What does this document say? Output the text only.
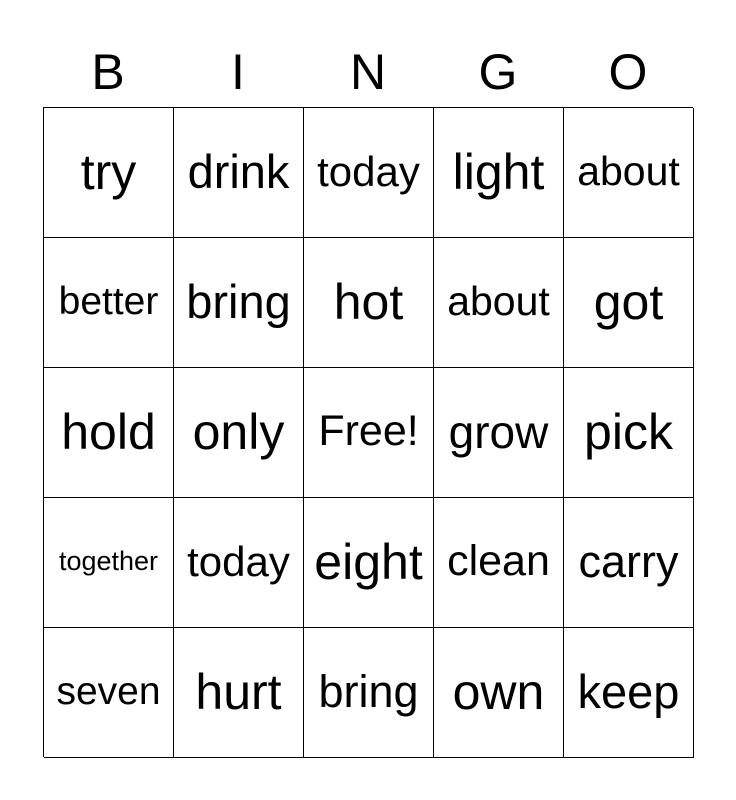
B	I	N	G	O
try drink today light about
better bring hot about got
hold only Free! grow pick
together today eight clean carry
seven hurt bring own keep
